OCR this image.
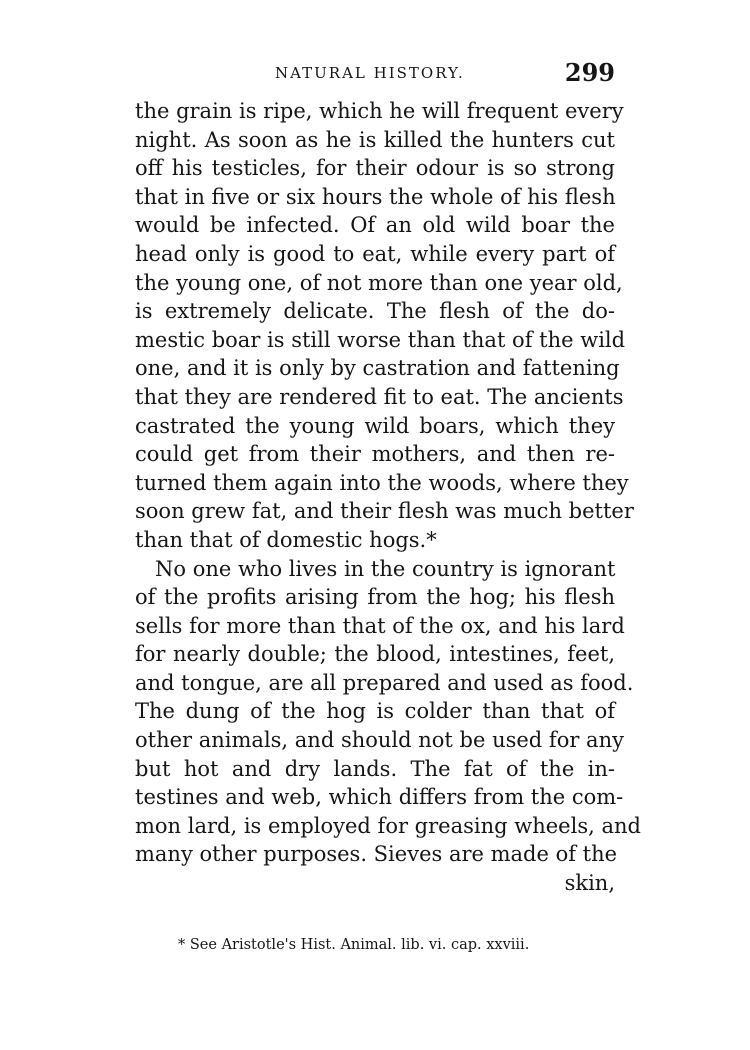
NATURAL HISTORY.	299
the grain is ripe, which he will frequent every
night. As soon as he is killed the hunters cut
off his testicles, for their odour is so strong
that in five or six hours the whole of his flesh
would be infected. Of an old wild boar the
head only is good to eat, while every part of
the young one, of not more than one year old,
is extremely delicate. The flesh of the do-
mestic boar is still worse than that of the wild
one, and it is only by castration and fattening
that they are rendered fit to eat. The ancients
castrated the young wild boars, which they
could get from their mothers, and then re-
turned them again into the woods, where they
soon grew fat, and their flesh was much better
than that of domestic hogs.*
No one who lives in the country is ignorant
of the profits arising from the hog; his flesh
sells for more than that of the ox, and his lard
for nearly double; the blood, intestines, feet,
and tongue, are all prepared and used as food.
The dung of the hog is colder than that of
other animals, and should not be used for any
but hot and dry lands. The fat of the in-
testines and web, which differs from the com-
mon lard, is employed for greasing wheels, and
many other purposes. Sieves are made of the
skin,
* See Aristotle's Hist. Animal. lib. vi. cap. xxviii.
